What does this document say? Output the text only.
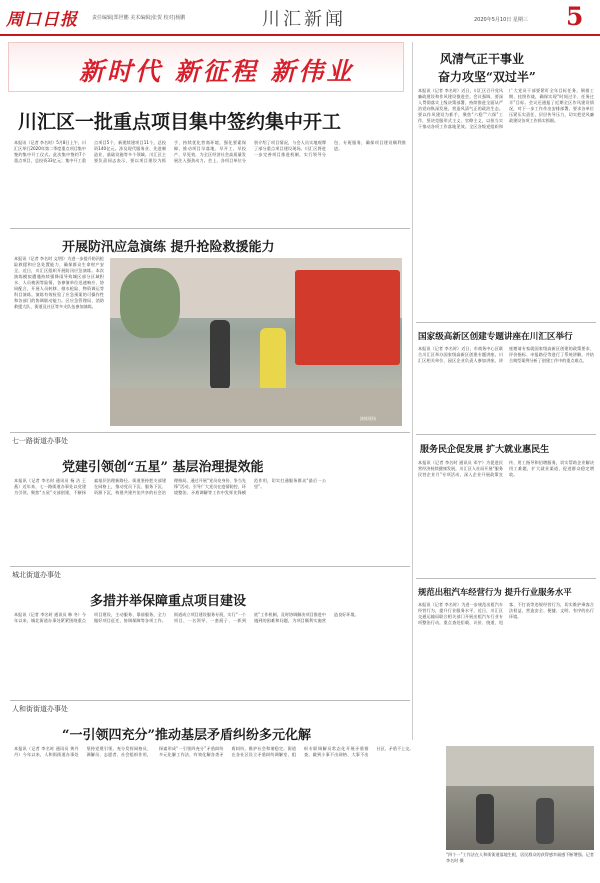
周口日报	责任编辑|郑世鹏 美术编辑|张贺 校对|杨鹏	川汇新闻	2020年5月10日 星期三 5
新时代 新征程 新伟业
川汇区一批重点项目集中签约集中开工
本报讯（记者 李名时）5月8日上午，川汇区举行2020年第二季度重点项目集中签约集中开工仪式。此次集中签约7个重点项目，总投资33亿元；集中开工重点项目5个，新建续建项目11个，总投资140亿元。涉及现代服务业、先进制造业、基础设施等多个领域。川汇区主要负责同志表示，要以项目建设为抓手，持续优化营商环境，强化要素保障，推动项目早落地、早开工、早投产、早见效，为全区经济社会高质量发展注入强劲动力。会上，各项目单位分别介绍了项目情况，与会人员实地观摩了部分重点项目建设现场。川汇区将进一步完善项目推进机制，实行领导分包、专班服务，确保项目建设顺利推进。
开展防汛应急演练 提升抢险救援能力
本报讯（记者 李名时 文/图）为进一步提升防汛抢险救援和应急处置能力，确保群众生命财产安全，近日，川汇区组织开展防汛应急演练。本次演练模拟遭遇持续强降雨导致城区部分区域积水、人员被困等险情，各参演单位迅速响应、协同配合，开展人员转移、排水抢险、物资调运等科目演练。演练有效检验了应急预案的可操作性和各部门的协调联动能力。区应急管理局、消防救援大队、街道及社区等多支队伍参加演练。
演练现场
七一路街道办事处
党建引领创“五星” 基层治理提效能
本报讯（记者 李名时 通讯员 杨 洁 王 燕）近年来，七一路街道办事处以党建为引领，聚焦“五星”支部创建，不断探索基层治理新路径。街道坚持把支部建在网格上，推动党员下沉、服务下沉、资源下沉，构建共建共治共享的社会治理格局。通过开展“党员亮身份、争当先锋”活动，引导广大党员在疫情防控、环境整治、矛盾调解等工作中发挥先锋模范作用，切实打通服务群众“最后一公里”。
城北街道办事处
多措并举保障重点项目建设
本报讯（记者 李名时 通讯员 韩 冬）今年以来，城北街道办事处紧紧围绕重点项目建设，主动服务、靠前服务，全力做好项目征迁、协调保障等各项工作。街道成立项目建设服务专班，实行“一个项目、一名领导、一套班子、一抓到底”工作机制，及时协调解决项目推进中遇到的困难和问题，为项目顺利实施营造良好环境。
人和街街道办事处
“一引领四充分”推动基层矛盾纠纷多元化解
本报讯（记者 李名时 通讯员 黄丹丹）今年以来，人和街街道办事处坚持党建引领，充分发挥网格员、调解员、志愿者、社会组织作用，探索形成“一引领四充分”矛盾纠纷多元化解工作法，有效化解各类矛盾纠纷，维护社会和谐稳定。街道在各社区设立矛盾纠纷调解室，组织专职调解员常态化开展矛盾排查，做到小事不出网格、大事不出社区、矛盾不上交。
“四个一”工作法在人和街街道落地生根，居民群众的获得感幸福感不断增强。记者 李名时 摄
风清气正干事业
奋力攻坚“双过半”
本报讯（记者 李名时）近日，川汇区召开党风廉政建设和作风建设推进会。会议强调，要深入贯彻落实上级决策部署，持续推进全面从严治党向纵深发展，营造风清气正的政治生态。要以作风建设为抓手，聚焦“六稳”“六保”工作，坚决克服形式主义、官僚主义，以担当实干推动各项工作落地见效。全区各级党组织和广大党员干部要紧盯全年目标任务，倒排工期、挂图作战，确保实现“时间过半、任务过半”目标。会议还通报了近期全区作风建设情况，对下一步工作作出安排部署，要求各单位压紧压实责任，层层传导压力，切实把党风廉政建设各项工作抓实抓细。
国家级高新区创建专题讲座在川汇区举行
本报讯（记者 李名时）近日，市商务中心区联合川汇区举办国家级高新区创建专题讲座。川汇区相关单位、园区企业负责人参加讲座。讲座邀请专家就国家级高新区创建的政策要求、评价指标、申报路径等进行了系统讲解，并结合典型案例分析了创建工作中的重点难点。
服务民企促发展 扩大就业惠民生
本报讯（记者 李名时 通讯员 邓宇）为促进民营经济持续健康发展，川汇区人社局开展“服务民营企业月”专项活动，深入企业开展政策宣传、用工指导和招聘服务，切实帮助企业解决用工难题，扩大就业渠道，促进群众稳定增收。
规范出租汽车经营行为 提升行业服务水平
本报讯（记者 李名时）为进一步规范出租汽车经营行为，提升行业服务水平，近日，川汇区交通运输局联合相关部门开展出租汽车行业专项整治行动，重点查处拒载、议价、绕道、甩客、不打表等违规经营行为，切实维护乘客合法权益，营造安全、便捷、文明、有序的出行环境。
